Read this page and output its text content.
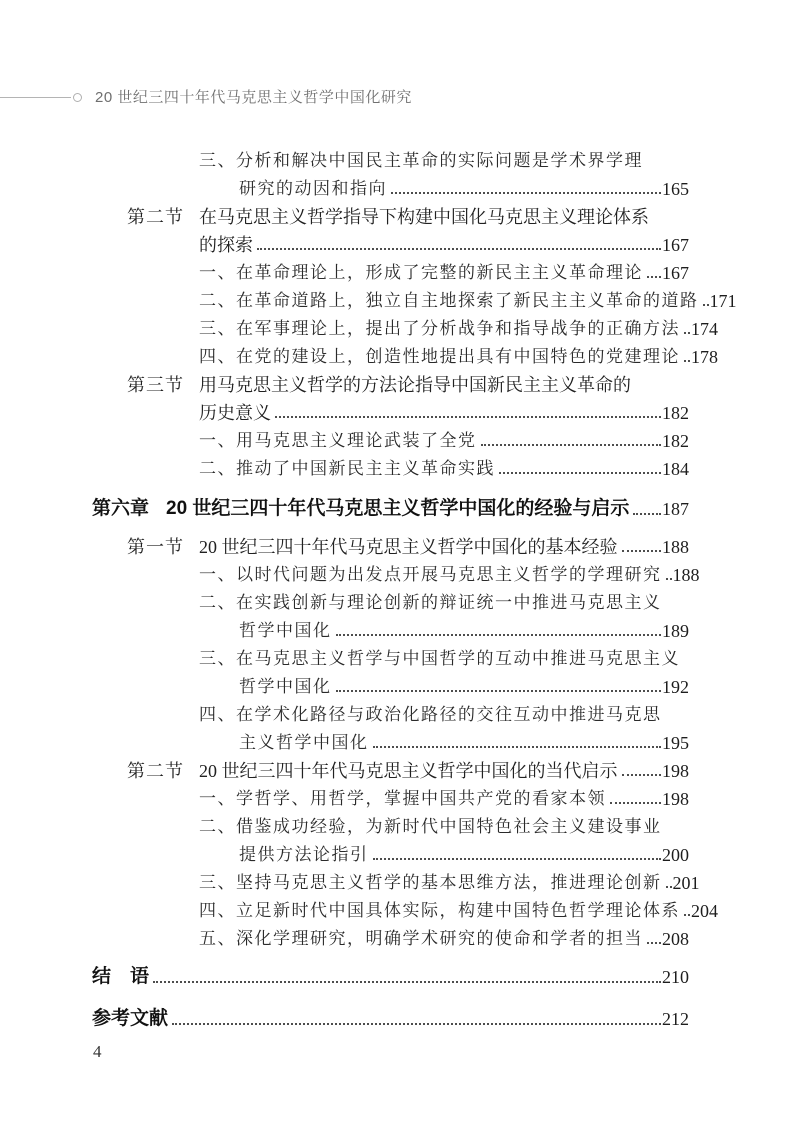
20 世纪三四十年代马克思主义哲学中国化研究
三、分析和解决中国民主革命的实际问题是学术界学理
研究的动因和指向	165
第二节 在马克思主义哲学指导下构建中国化马克思主义理论体系
的探索	167
一、在革命理论上，形成了完整的新民主主义革命理论 167
二、在革命道路上，独立自主地探索了新民主主义革命的道路 171
三、在军事理论上，提出了分析战争和指导战争的正确方法 174
四、在党的建设上，创造性地提出具有中国特色的党建理论 178
第三节 用马克思主义哲学的方法论指导中国新民主主义革命的
历史意义	182
一、用马克思主义理论武装了全党	182
二、推动了中国新民主主义革命实践	184
第六章 20 世纪三四十年代马克思主义哲学中国化的经验与启示 187
第一节 20 世纪三四十年代马克思主义哲学中国化的基本经验 188
一、以时代问题为出发点开展马克思主义哲学的学理研究 188
二、在实践创新与理论创新的辩证统一中推进马克思主义
哲学中国化	189
三、在马克思主义哲学与中国哲学的互动中推进马克思主义
哲学中国化	192
四、在学术化路径与政治化路径的交往互动中推进马克思
主义哲学中国化	195
第二节 20 世纪三四十年代马克思主义哲学中国化的当代启示 198
一、学哲学、用哲学，掌握中国共产党的看家本领	198
二、借鉴成功经验，为新时代中国特色社会主义建设事业
提供方法论指引	200
三、坚持马克思主义哲学的基本思维方法，推进理论创新 201
四、立足新时代中国具体实际，构建中国特色哲学理论体系 204
五、深化学理研究，明确学术研究的使命和学者的担当 208
结　语	210
参考文献	212
4
